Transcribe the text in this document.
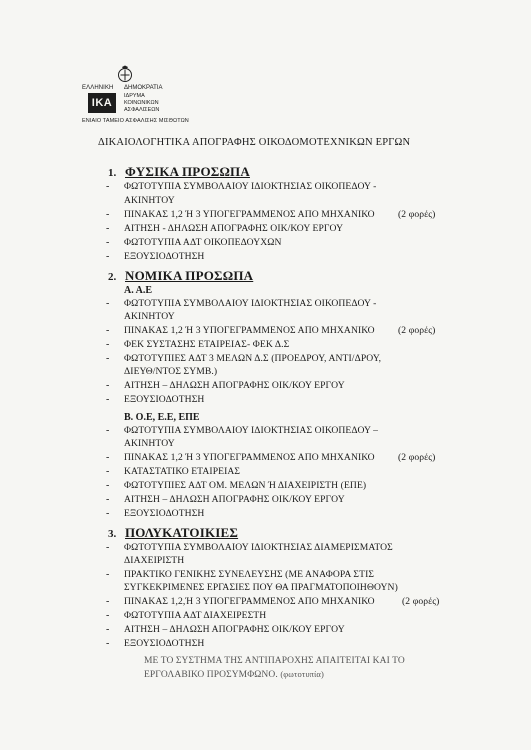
ΕΛΛΗΝΙΚΗ ΔΗΜΟΚΡΑΤΙΑ
ΙΚΑ
ΙΔΡΥΜΑ
ΚΟΙΝΩΝΙΚΩΝ
ΑΣΦΑΛΙΣΕΩΝ
ΕΝΙΑΙΟ ΤΑΜΕΙΟ ΑΣΦΑΛΙΣΗΣ ΜΙΣΘΩΤΩΝ
ΔΙΚΑΙΟΛΟΓΗΤΙΚΑ ΑΠΟΓΡΑΦΗΣ ΟΙΚΟΔΟΜΟΤΕΧΝΙΚΩΝ ΕΡΓΩΝ
1. ΦΥΣΙΚΑ ΠΡΟΣΩΠΑ
- ΦΩΤΟΤΥΠΙΑ ΣΥΜΒΟΛΑΙΟΥ ΙΔΙΟΚΤΗΣΙΑΣ ΟΙΚΟΠΕΔΟΥ -
ΑΚΙΝΗΤΟΥ
- ΠΙΝΑΚΑΣ 1,2 Ή 3 ΥΠΟΓΕΓΡΑΜΜΕΝΟΣ ΑΠΟ ΜΗΧΑΝΙΚΟ (2 φορές)
- ΑΙΤΗΣΗ - ΔΗΛΩΣΗ ΑΠΟΓΡΑΦΗΣ ΟΙΚ/ΚΟΥ ΕΡΓΟΥ
- ΦΩΤΟΤΥΠΙΑ ΑΔΤ ΟΙΚΟΠΕΔΟΥΧΩΝ
- ΕΞΟΥΣΙΟΔΟΤΗΣΗ
2. ΝΟΜΙΚΑ ΠΡΟΣΩΠΑ
Α. Α.Ε
- ΦΩΤΟΤΥΠΙΑ ΣΥΜΒΟΛΑΙΟΥ ΙΔΙΟΚΤΗΣΙΑΣ ΟΙΚΟΠΕΔΟΥ -
ΑΚΙΝΗΤΟΥ
- ΠΙΝΑΚΑΣ 1,2 Ή 3 ΥΠΟΓΕΓΡΑΜΜΕΝΟΣ ΑΠΟ ΜΗΧΑΝΙΚΟ (2 φορές)
- ΦΕΚ ΣΥΣΤΑΣΗΣ ΕΤΑΙΡΕΙΑΣ- ΦΕΚ Δ.Σ
- ΦΩΤΟΤΥΠΙΕΣ ΑΔΤ 3 ΜΕΛΩΝ Δ.Σ (ΠΡΟΕΔΡΟΥ, ΑΝΤΙ/ΔΡΟΥ,
ΔΙΕΥΘ/ΝΤΟΣ ΣΥΜΒ.)
- ΑΙΤΗΣΗ – ΔΗΛΩΣΗ ΑΠΟΓΡΑΦΗΣ ΟΙΚ/ΚΟΥ ΕΡΓΟΥ
- ΕΞΟΥΣΙΟΔΟΤΗΣΗ
Β. Ο.Ε, Ε.Ε, ΕΠΕ
- ΦΩΤΟΤΥΠΙΑ ΣΥΜΒΟΛΑΙΟΥ ΙΔΙΟΚΤΗΣΙΑΣ ΟΙΚΟΠΕΔΟΥ –
ΑΚΙΝΗΤΟΥ
- ΠΙΝΑΚΑΣ 1,2 Ή 3 ΥΠΟΓΕΓΡΑΜΜΕΝΟΣ ΑΠΟ ΜΗΧΑΝΙΚΟ (2 φορές)
- ΚΑΤΑΣΤΑΤΙΚΟ ΕΤΑΙΡΕΙΑΣ
- ΦΩΤΟΤΥΠΙΕΣ ΑΔΤ ΟΜ. ΜΕΛΩΝ Ή ΔΙΑΧΕΙΡΙΣΤΗ (ΕΠΕ)
- ΑΙΤΗΣΗ – ΔΗΛΩΣΗ ΑΠΟΓΡΑΦΗΣ ΟΙΚ/ΚΟΥ ΕΡΓΟΥ
- ΕΞΟΥΣΙΟΔΟΤΗΣΗ
3. ΠΟΛΥΚΑΤΟΙΚΙΕΣ
- ΦΩΤΟΤΥΠΙΑ ΣΥΜΒΟΛΑΙΟΥ ΙΔΙΟΚΤΗΣΙΑΣ ΔΙΑΜΕΡΙΣΜΑΤΟΣ
ΔΙΑΧΕΙΡΙΣΤΗ
- ΠΡΑΚΤΙΚΟ ΓΕΝΙΚΗΣ ΣΥΝΕΛΕΥΣΗΣ (ΜΕ ΑΝΑΦΟΡΑ ΣΤΙΣ
ΣΥΓΚΕΚΡΙΜΕΝΕΣ ΕΡΓΑΣΙΕΣ ΠΟΥ ΘΑ ΠΡΑΓΜΑΤΟΠΟΙΗΘΟΥΝ)
- ΠΙΝΑΚΑΣ 1,2,Ή 3 ΥΠΟΓΕΓΡΑΜΜΕΝΟΣ ΑΠΟ ΜΗΧΑΝΙΚΟ	(2 φορές)
- ΦΩΤΟΤΥΠΙΑ ΑΔΤ ΔΙΑΧΕΙΡΕΣΤΗ
- ΑΙΤΗΣΗ – ΔΗΛΩΣΗ ΑΠΟΓΡΑΦΗΣ ΟΙΚ/ΚΟΥ ΕΡΓΟΥ
- ΕΞΟΥΣΙΟΔΟΤΗΣΗ
ΜΕ ΤΟ ΣΥΣΤΗΜΑ ΤΗΣ ΑΝΤΙΠΑΡΟΧΗΣ ΑΠΑΙΤΕΙΤΑΙ ΚΑΙ ΤΟ
ΕΡΓΟΛΑΒΙΚΟ ΠΡΟΣΥΜΦΩΝΟ. (φωτοτυπία)
